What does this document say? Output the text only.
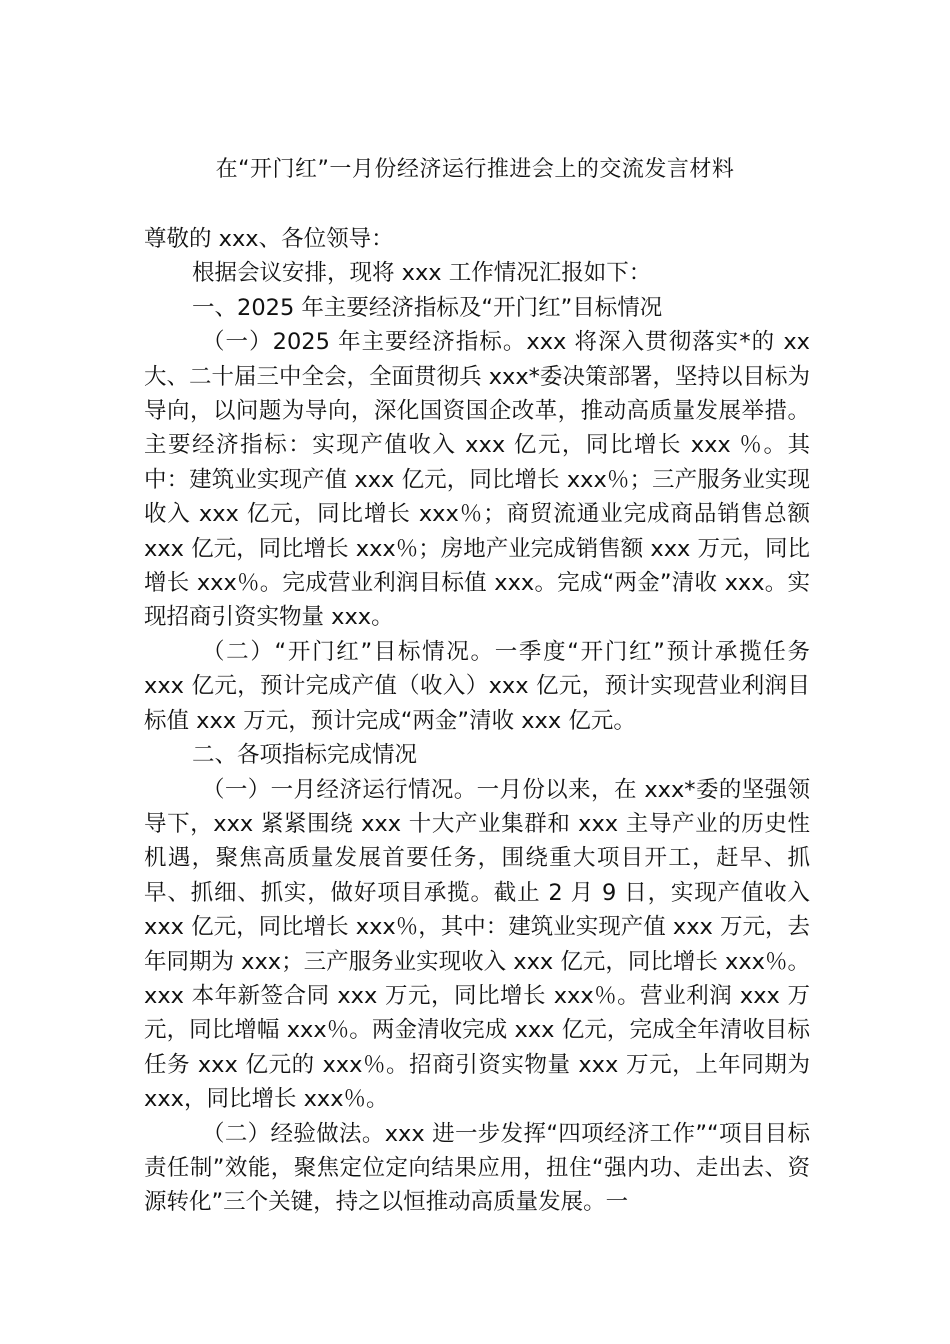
在“开门红”一月份经济运行推进会上的交流发言材料

尊敬的 xxx、各位领导：

根据会议安排，现将 xxx 工作情况汇报如下：

一、2025 年主要经济指标及“开门红”目标情况

（一）2025 年主要经济指标。xxx 将深入贯彻落实*的 xx 大、二十届三中全会，全面贯彻兵 xxx*委决策部署，坚持以目标为导向，以问题为导向，深化国资国企改革，推动高质量发展举措。主要经济指标：实现产值收入 xxx 亿元，同比增长 xxx ％。其中：建筑业实现产值 xxx 亿元，同比增长 xxx％；三产服务业实现收入 xxx 亿元，同比增长 xxx％；商贸流通业完成商品销售总额 xxx 亿元，同比增长 xxx％；房地产业完成销售额 xxx 万元，同比增长 xxx％。完成营业利润目标值 xxx。完成“两金”清收 xxx。实现招商引资实物量 xxx。

（二）“开门红”目标情况。一季度“开门红”预计承揽任务 xxx 亿元，预计完成产值（收入）xxx 亿元，预计实现营业利润目标值 xxx 万元，预计完成“两金”清收 xxx 亿元。

二、各项指标完成情况

（一）一月经济运行情况。一月份以来，在 xxx*委的坚强领导下，xxx 紧紧围绕 xxx 十大产业集群和 xxx 主导产业的历史性机遇，聚焦高质量发展首要任务，围绕重大项目开工，赶早、抓早、抓细、抓实，做好项目承揽。截止 2 月 9 日，实现产值收入 xxx 亿元，同比增长 xxx％，其中：建筑业实现产值 xxx 万元，去年同期为 xxx；三产服务业实现收入 xxx 亿元，同比增长 xxx％。xxx 本年新签合同 xxx 万元，同比增长 xxx％。营业利润 xxx 万元，同比增幅 xxx％。两金清收完成 xxx 亿元，完成全年清收目标任务 xxx 亿元的 xxx％。招商引资实物量 xxx 万元，上年同期为 xxx，同比增长 xxx％。

（二）经验做法。xxx 进一步发挥“四项经济工作”“项目目标责任制”效能，聚焦定位定向结果应用，扭住“强内功、走出去、资源转化”三个关键，持之以恒推动高质量发展。一
